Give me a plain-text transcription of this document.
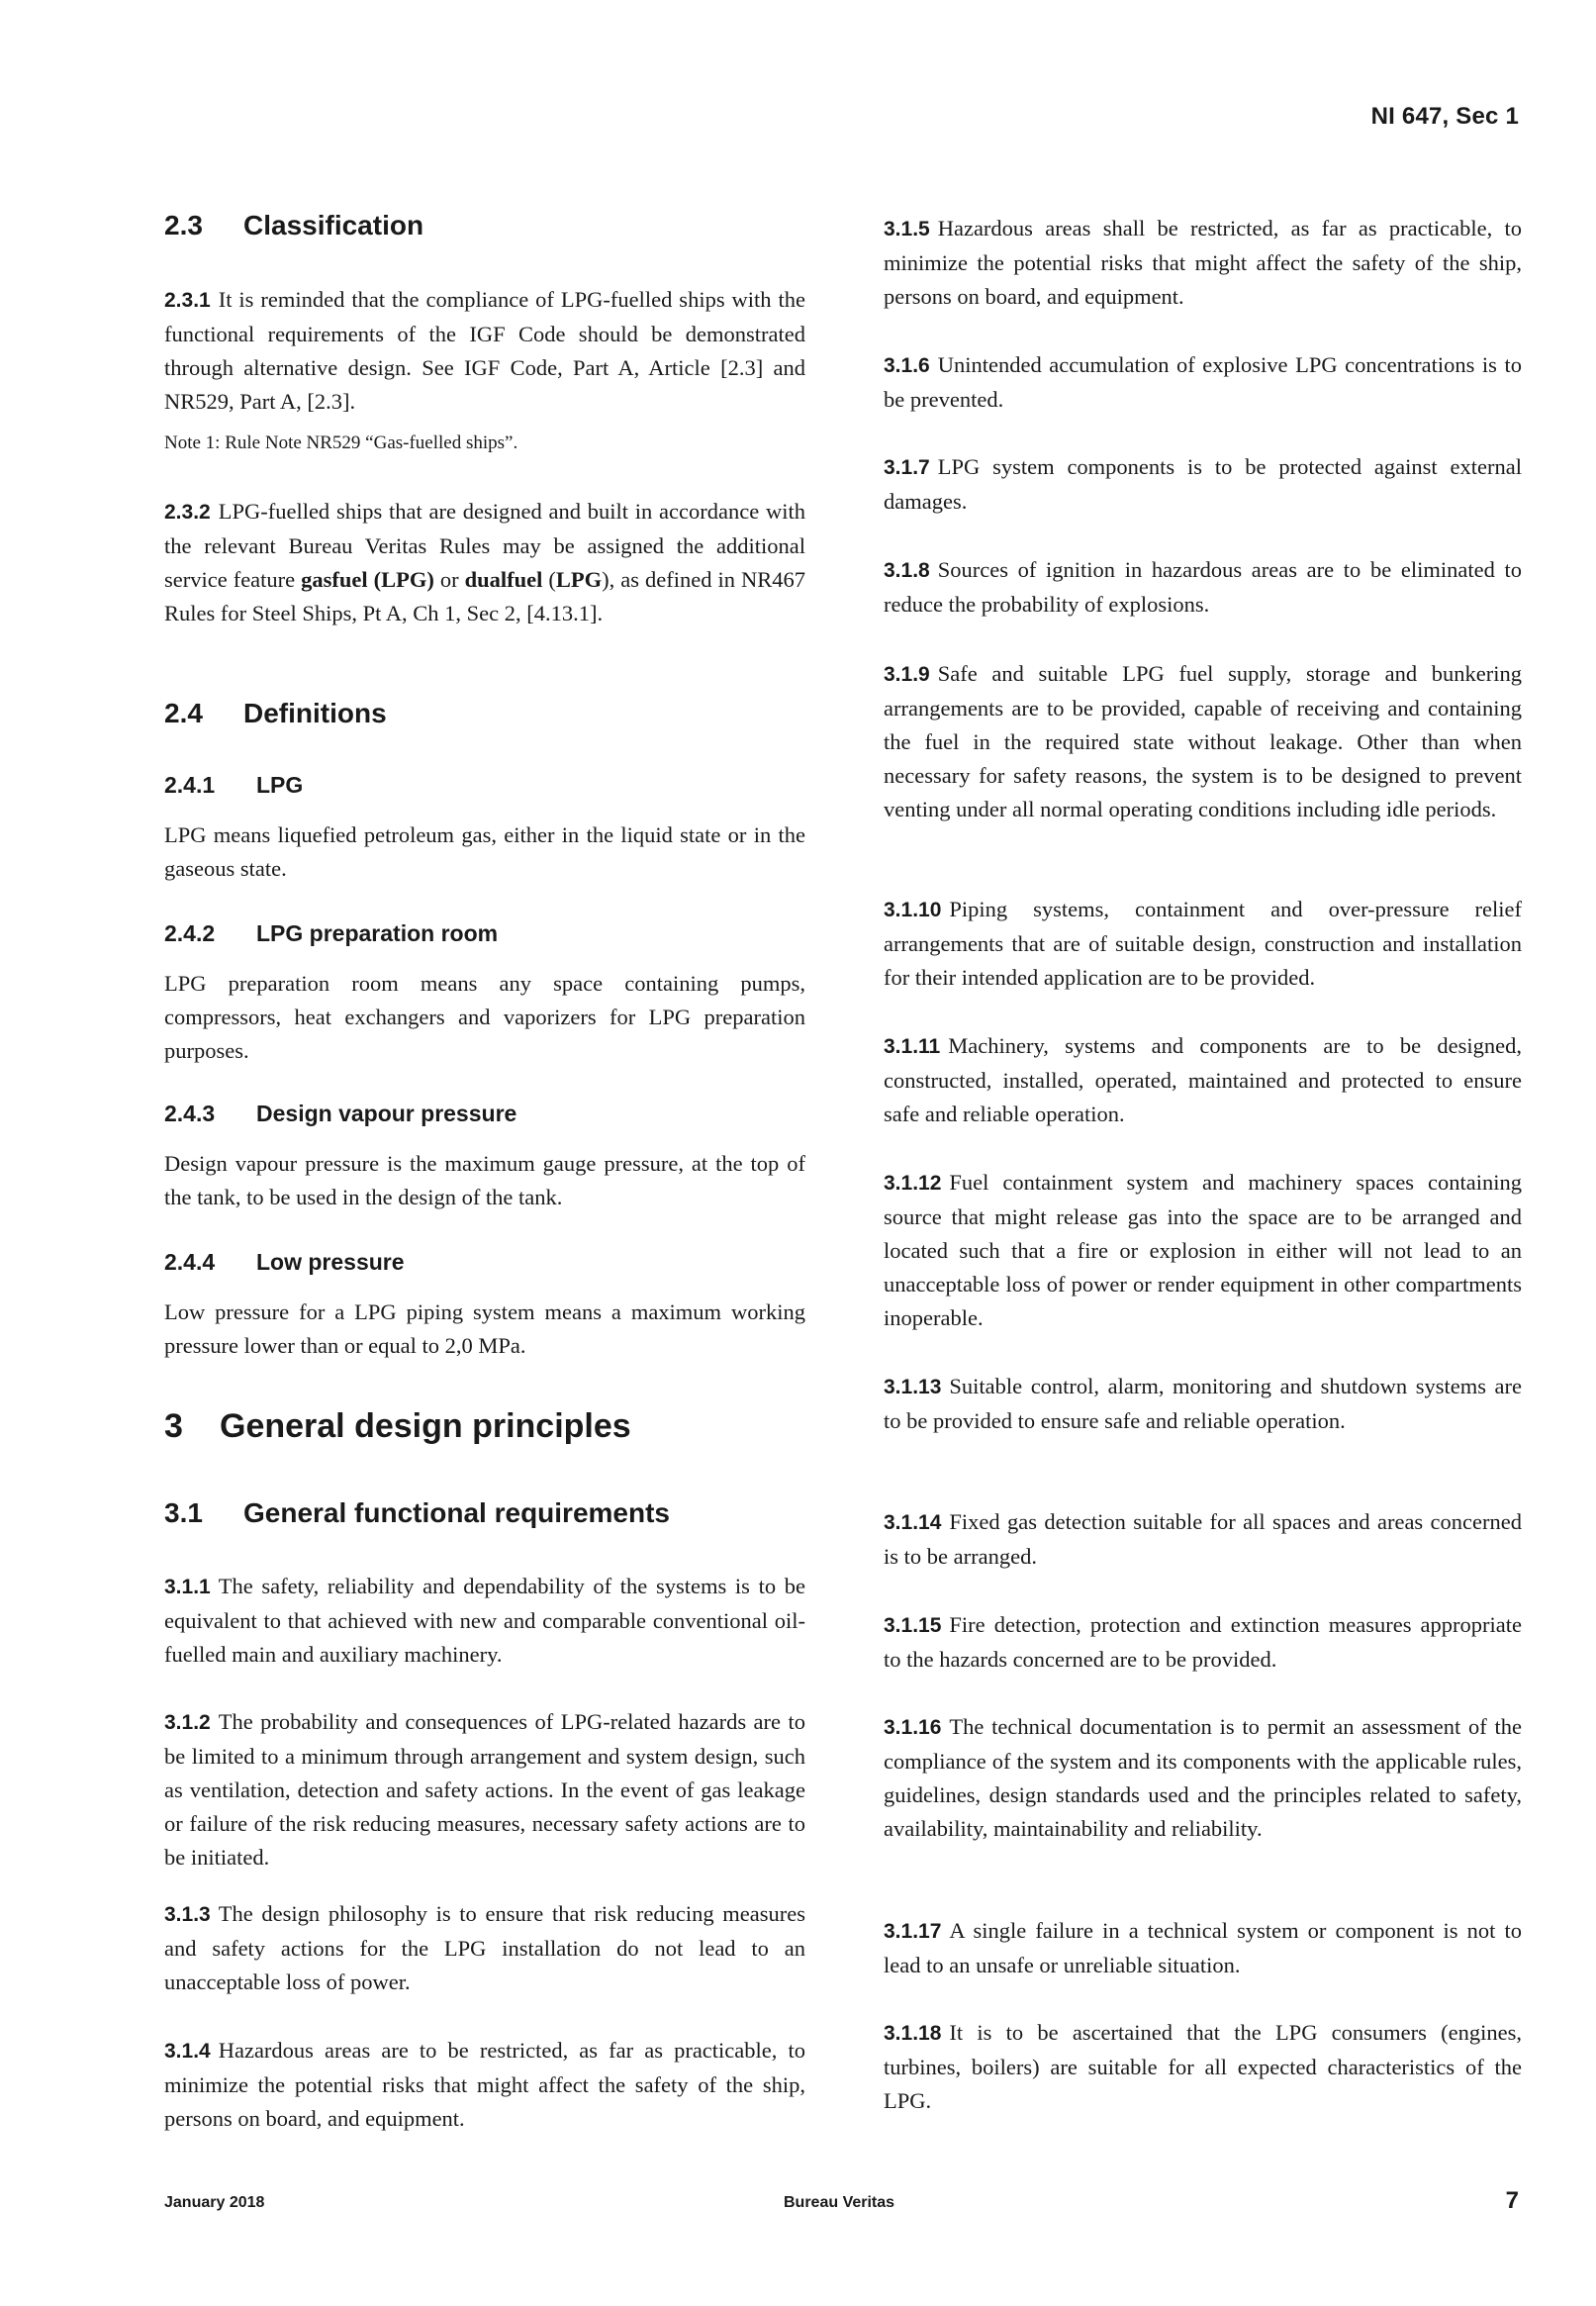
NI 647, Sec 1
2.3 Classification
2.3.1 It is reminded that the compliance of LPG-fuelled ships with the functional requirements of the IGF Code should be demonstrated through alternative design. See IGF Code, Part A, Article [2.3] and NR529, Part A, [2.3].
Note 1: Rule Note NR529 “Gas-fuelled ships”.
2.3.2 LPG-fuelled ships that are designed and built in accordance with the relevant Bureau Veritas Rules may be assigned the additional service feature gasfuel (LPG) or dualfuel (LPG), as defined in NR467 Rules for Steel Ships, Pt A, Ch 1, Sec 2, [4.13.1].
2.4 Definitions
2.4.1 LPG
LPG means liquefied petroleum gas, either in the liquid state or in the gaseous state.
2.4.2 LPG preparation room
LPG preparation room means any space containing pumps, compressors, heat exchangers and vaporizers for LPG preparation purposes.
2.4.3 Design vapour pressure
Design vapour pressure is the maximum gauge pressure, at the top of the tank, to be used in the design of the tank.
2.4.4 Low pressure
Low pressure for a LPG piping system means a maximum working pressure lower than or equal to 2,0 MPa.
3 General design principles
3.1 General functional requirements
3.1.1 The safety, reliability and dependability of the systems is to be equivalent to that achieved with new and comparable conventional oil-fuelled main and auxiliary machinery.
3.1.2 The probability and consequences of LPG-related hazards are to be limited to a minimum through arrangement and system design, such as ventilation, detection and safety actions. In the event of gas leakage or failure of the risk reducing measures, necessary safety actions are to be initiated.
3.1.3 The design philosophy is to ensure that risk reducing measures and safety actions for the LPG installation do not lead to an unacceptable loss of power.
3.1.4 Hazardous areas are to be restricted, as far as practicable, to minimize the potential risks that might affect the safety of the ship, persons on board, and equipment.
3.1.5 Hazardous areas shall be restricted, as far as practicable, to minimize the potential risks that might affect the safety of the ship, persons on board, and equipment.
3.1.6 Unintended accumulation of explosive LPG concentrations is to be prevented.
3.1.7 LPG system components is to be protected against external damages.
3.1.8 Sources of ignition in hazardous areas are to be eliminated to reduce the probability of explosions.
3.1.9 Safe and suitable LPG fuel supply, storage and bunkering arrangements are to be provided, capable of receiving and containing the fuel in the required state without leakage. Other than when necessary for safety reasons, the system is to be designed to prevent venting under all normal operating conditions including idle periods.
3.1.10 Piping systems, containment and over-pressure relief arrangements that are of suitable design, construction and installation for their intended application are to be provided.
3.1.11 Machinery, systems and components are to be designed, constructed, installed, operated, maintained and protected to ensure safe and reliable operation.
3.1.12 Fuel containment system and machinery spaces containing source that might release gas into the space are to be arranged and located such that a fire or explosion in either will not lead to an unacceptable loss of power or render equipment in other compartments inoperable.
3.1.13 Suitable control, alarm, monitoring and shutdown systems are to be provided to ensure safe and reliable operation.
3.1.14 Fixed gas detection suitable for all spaces and areas concerned is to be arranged.
3.1.15 Fire detection, protection and extinction measures appropriate to the hazards concerned are to be provided.
3.1.16 The technical documentation is to permit an assessment of the compliance of the system and its components with the applicable rules, guidelines, design standards used and the principles related to safety, availability, maintainability and reliability.
3.1.17 A single failure in a technical system or component is not to lead to an unsafe or unreliable situation.
3.1.18 It is to be ascertained that the LPG consumers (engines, turbines, boilers) are suitable for all expected characteristics of the LPG.
January 2018	Bureau Veritas	7
